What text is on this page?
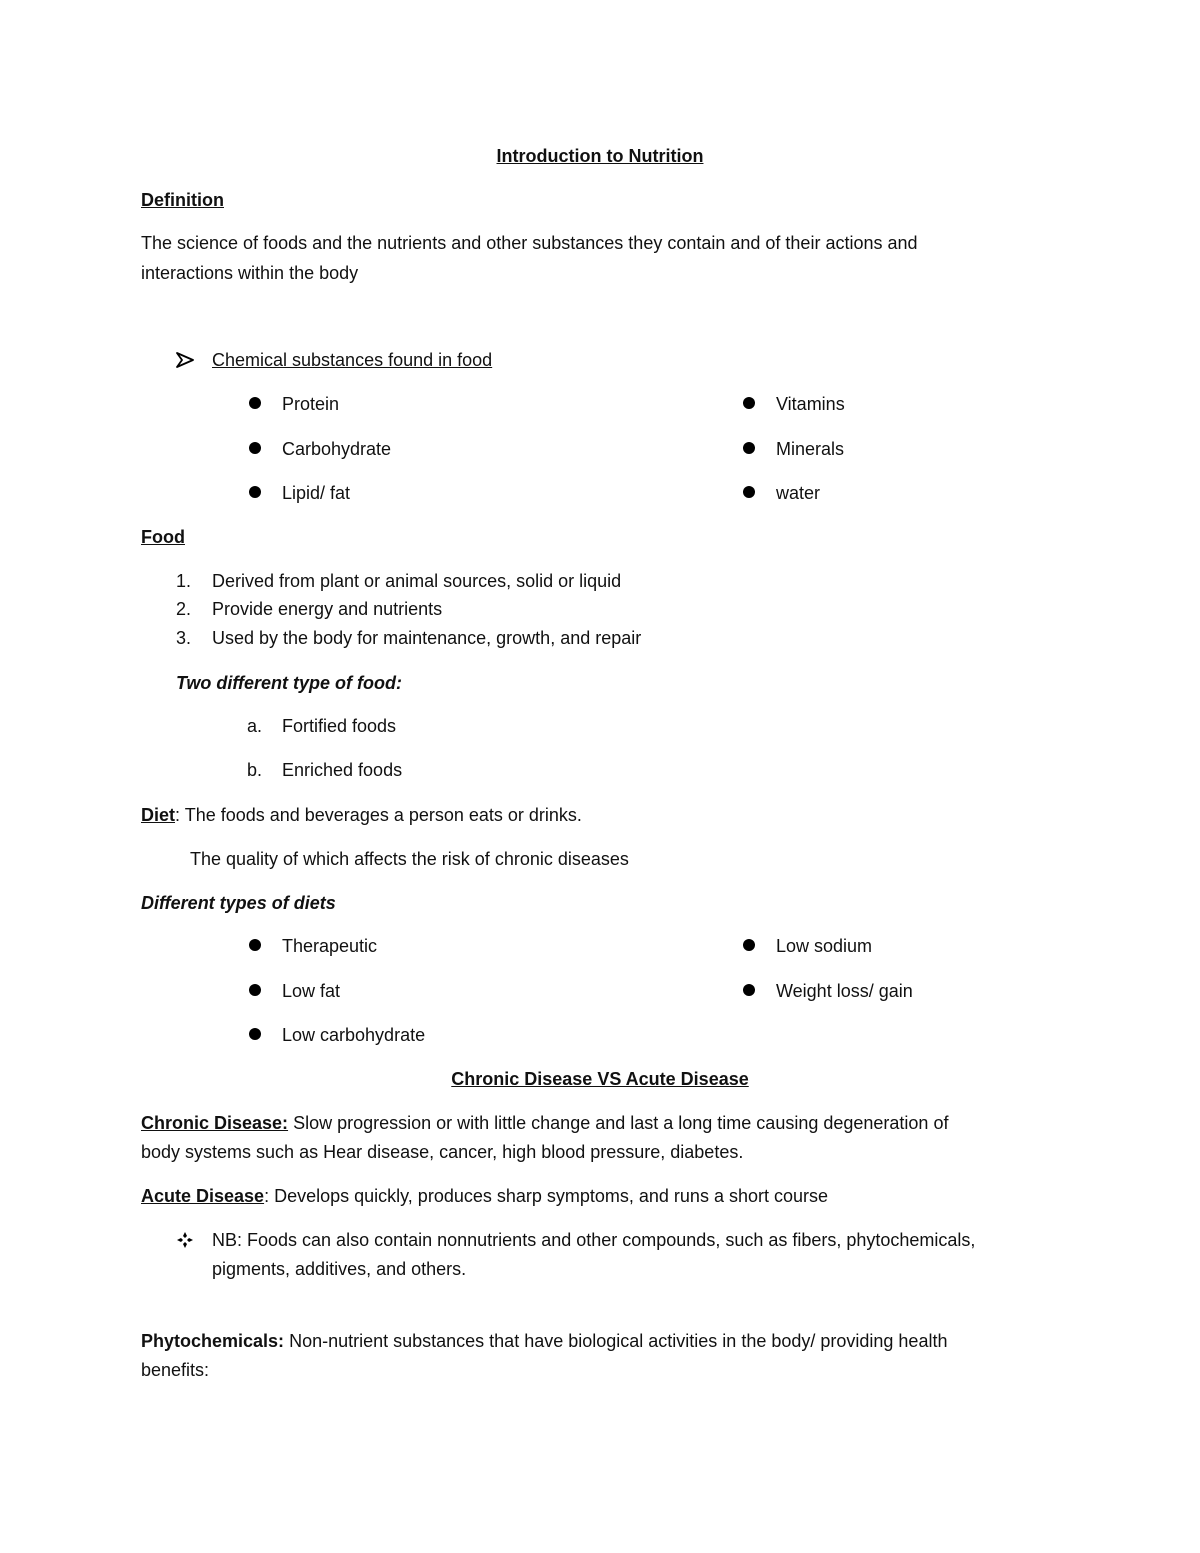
Introduction to Nutrition
Definition
The science of foods and the nutrients and other substances they contain and of their actions and
interactions within the body
Chemical substances found in food
Protein
Carbohydrate
Lipid/ fat
Vitamins
Minerals
water
Food
1. Derived from plant or animal sources, solid or liquid
2. Provide energy and nutrients
3. Used by the body for maintenance, growth, and repair
Two different type of food:
a. Fortified foods
b. Enriched foods
Diet: The foods and beverages a person eats or drinks.
The quality of which affects the risk of chronic diseases
Different types of diets
Therapeutic
Low fat
Low carbohydrate
Low sodium
Weight loss/ gain
Chronic Disease VS Acute Disease
Chronic Disease: Slow progression or with little change and last a long time causing degeneration of
body systems such as Hear disease, cancer, high blood pressure, diabetes.
Acute Disease: Develops quickly, produces sharp symptoms, and runs a short course
NB: Foods can also contain nonnutrients and other compounds, such as fibers, phytochemicals,
pigments, additives, and others.
Phytochemicals: Non-nutrient substances that have biological activities in the body/ providing health
benefits:
